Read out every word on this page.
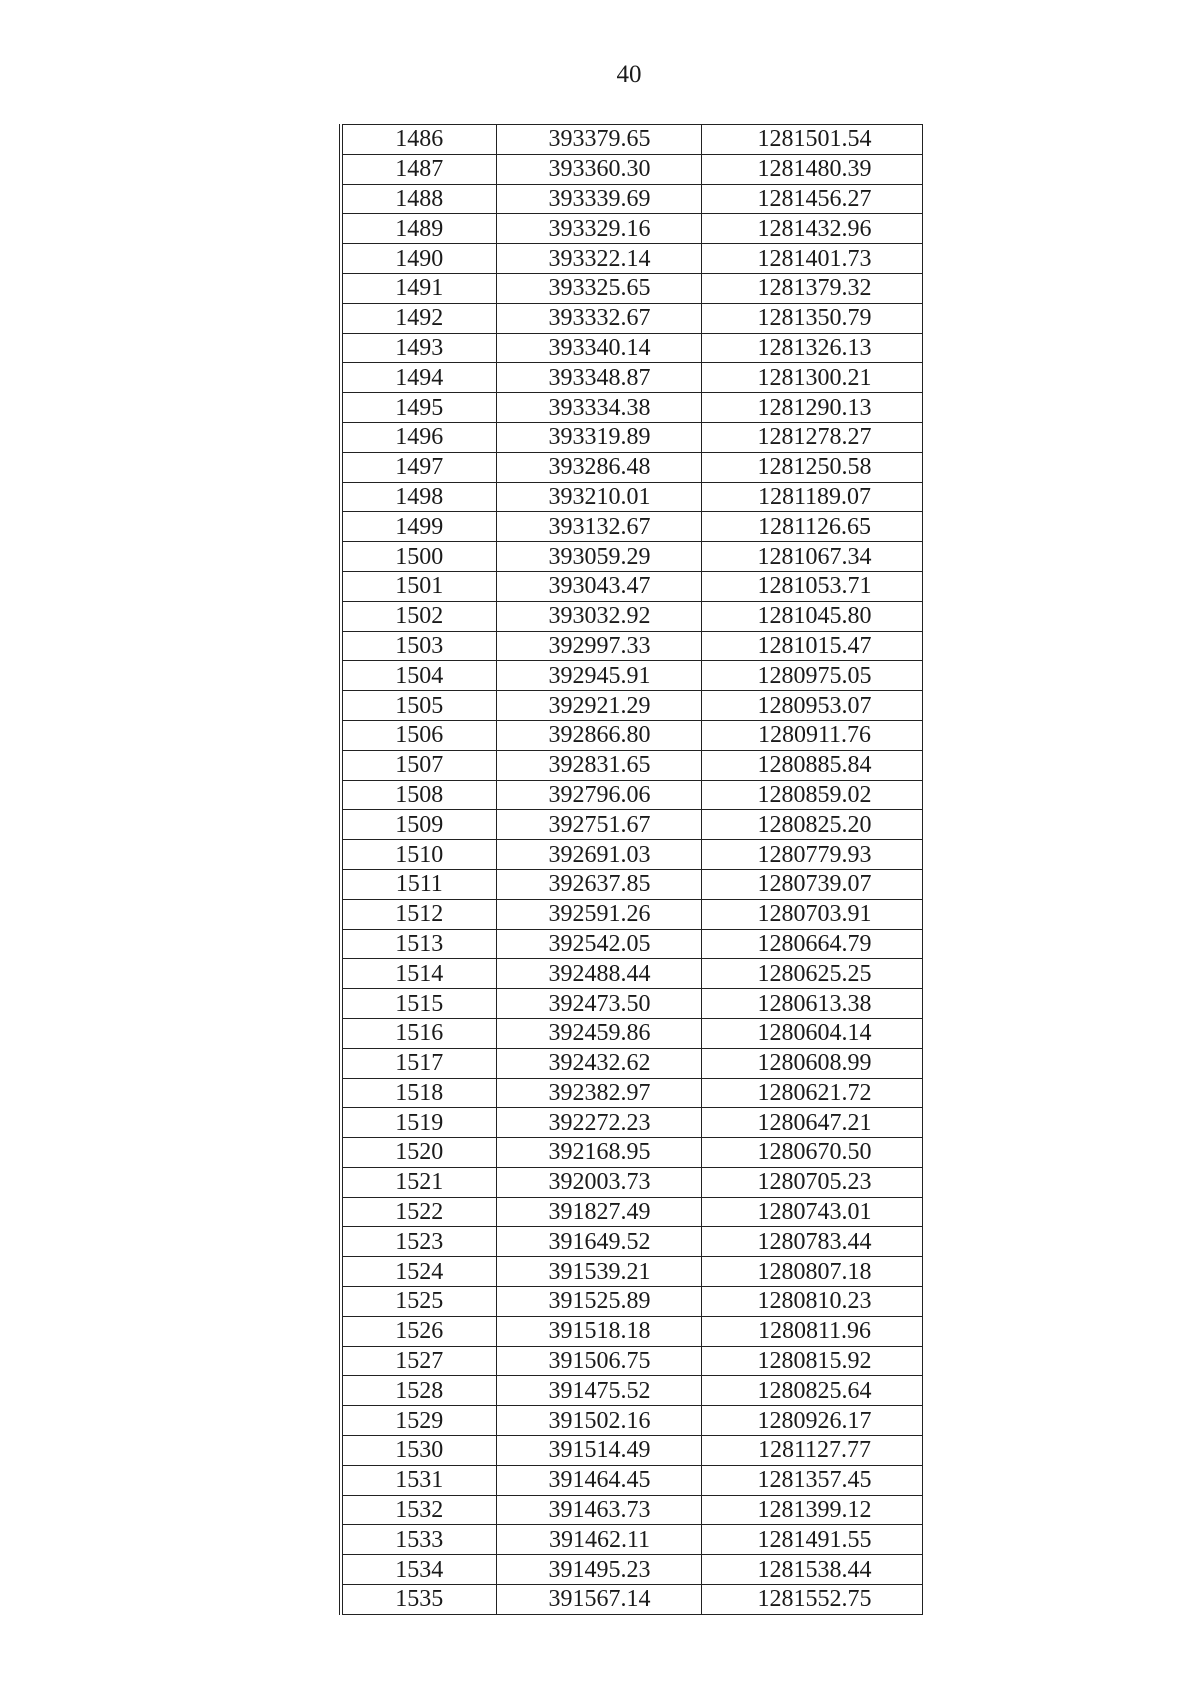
40
1486	393379.65	1281501.54
1487	393360.30	1281480.39
1488	393339.69	1281456.27
1489	393329.16	1281432.96
1490	393322.14	1281401.73
1491	393325.65	1281379.32
1492	393332.67	1281350.79
1493	393340.14	1281326.13
1494	393348.87	1281300.21
1495	393334.38	1281290.13
1496	393319.89	1281278.27
1497	393286.48	1281250.58
1498	393210.01	1281189.07
1499	393132.67	1281126.65
1500	393059.29	1281067.34
1501	393043.47	1281053.71
1502	393032.92	1281045.80
1503	392997.33	1281015.47
1504	392945.91	1280975.05
1505	392921.29	1280953.07
1506	392866.80	1280911.76
1507	392831.65	1280885.84
1508	392796.06	1280859.02
1509	392751.67	1280825.20
1510	392691.03	1280779.93
1511	392637.85	1280739.07
1512	392591.26	1280703.91
1513	392542.05	1280664.79
1514	392488.44	1280625.25
1515	392473.50	1280613.38
1516	392459.86	1280604.14
1517	392432.62	1280608.99
1518	392382.97	1280621.72
1519	392272.23	1280647.21
1520	392168.95	1280670.50
1521	392003.73	1280705.23
1522	391827.49	1280743.01
1523	391649.52	1280783.44
1524	391539.21	1280807.18
1525	391525.89	1280810.23
1526	391518.18	1280811.96
1527	391506.75	1280815.92
1528	391475.52	1280825.64
1529	391502.16	1280926.17
1530	391514.49	1281127.77
1531	391464.45	1281357.45
1532	391463.73	1281399.12
1533	391462.11	1281491.55
1534	391495.23	1281538.44
1535	391567.14	1281552.75
